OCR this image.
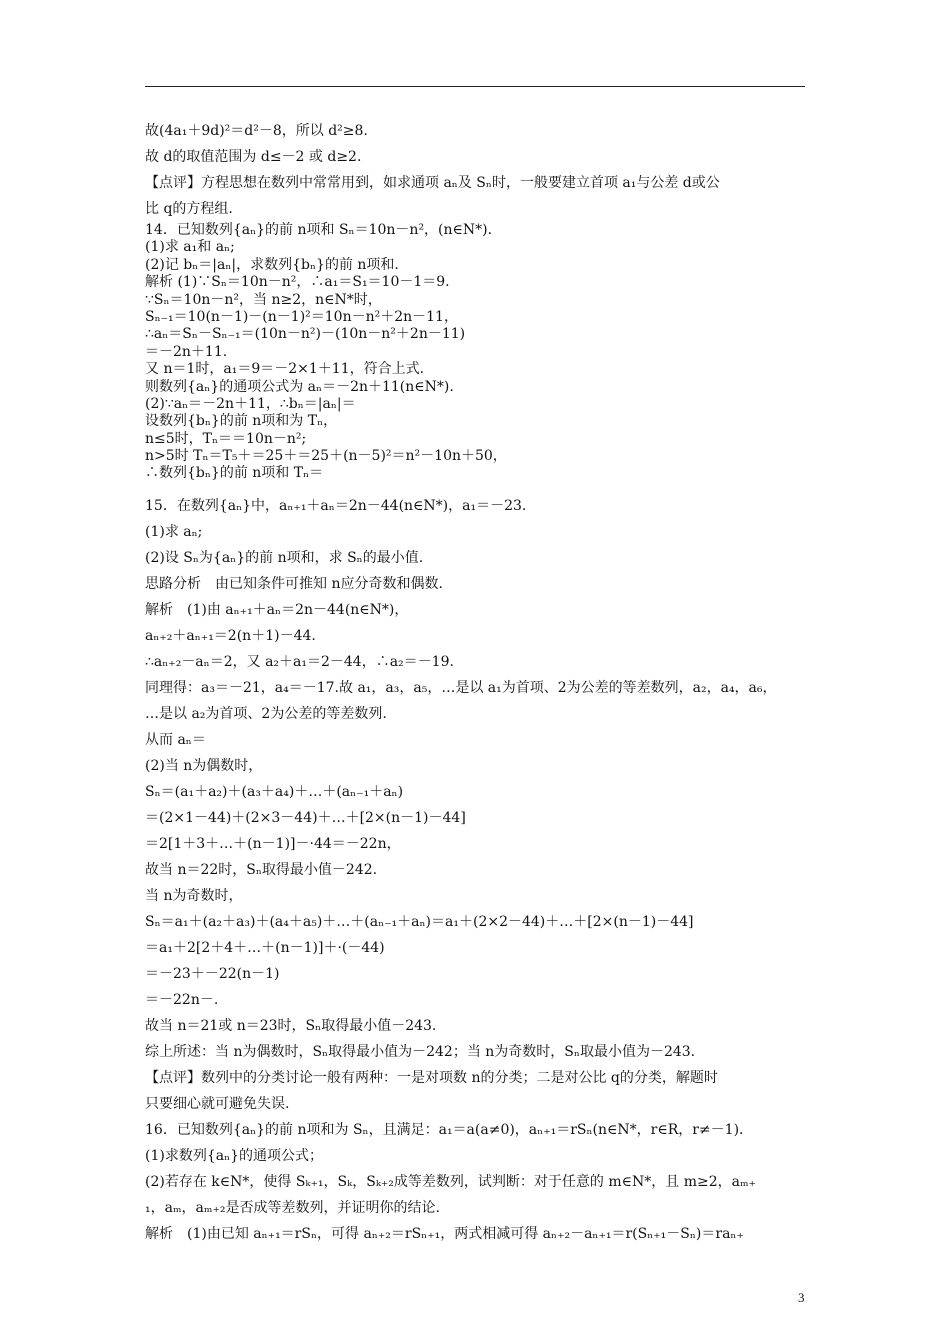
故(4a₁＋9d)²＝d²－8，所以 d²≥8.
故 d的取值范围为 d≤－2 或 d≥2.
【点评】方程思想在数列中常常用到，如求通项 aₙ及 Sₙ时，一般要建立首项 a₁与公差 d或公
比 q的方程组.
14．已知数列{aₙ}的前 n项和 Sₙ＝10n－n²，(n∈N*)．
(1)求 a₁和 aₙ;
(2)记 bₙ＝|aₙ|，求数列{bₙ}的前 n项和.
解析 (1)∵Sₙ＝10n－n²，∴a₁＝S₁＝10－1＝9.
∵Sₙ＝10n－n²，当 n≥2，n∈N*时，
Sₙ₋₁＝10(n－1)－(n－1)²＝10n－n²＋2n－11，
∴aₙ＝Sₙ－Sₙ₋₁＝(10n－n²)－(10n－n²＋2n－11)
＝－2n＋11.
又 n＝1时，a₁＝9＝－2×1＋11，符合上式.
则数列{aₙ}的通项公式为 aₙ＝－2n＋11(n∈N*).
(2)∵aₙ＝－2n＋11，∴bₙ＝|aₙ|＝
设数列{bₙ}的前 n项和为 Tₙ，
n≤5时，Tₙ＝＝10n－n²;
n>5时 Tₙ＝T₅＋＝25＋＝25＋(n－5)²＝n²－10n＋50，
∴数列{bₙ}的前 n项和 Tₙ＝
15．在数列{aₙ}中，aₙ₊₁＋aₙ＝2n－44(n∈N*)，a₁＝－23.
(1)求 aₙ;
(2)设 Sₙ为{aₙ}的前 n项和，求 Sₙ的最小值.
思路分析　由已知条件可推知 n应分奇数和偶数.
解析　(1)由 aₙ₊₁＋aₙ＝2n－44(n∈N*)，
aₙ₊₂＋aₙ₊₁＝2(n＋1)－44.
∴aₙ₊₂－aₙ＝2，又 a₂＋a₁＝2－44，∴a₂＝－19.
同理得：a₃＝－21，a₄＝－17.故 a₁，a₃，a₅，…是以 a₁为首项、2为公差的等差数列，a₂，a₄，a₆，
…是以 a₂为首项、2为公差的等差数列.
从而 aₙ＝
(2)当 n为偶数时，
Sₙ＝(a₁＋a₂)＋(a₃＋a₄)＋…＋(aₙ₋₁＋aₙ)
＝(2×1－44)＋(2×3－44)＋…＋[2×(n－1)－44]
＝2[1＋3＋…＋(n－1)]－·44＝－22n，
故当 n＝22时，Sₙ取得最小值－242.
当 n为奇数时，
Sₙ＝a₁＋(a₂＋a₃)＋(a₄＋a₅)＋…＋(aₙ₋₁＋aₙ)＝a₁＋(2×2－44)＋…＋[2×(n－1)－44]
＝a₁＋2[2＋4＋…＋(n－1)]＋·(－44)
＝－23＋－22(n－1)
＝－22n－.
故当 n＝21或 n＝23时，Sₙ取得最小值－243.
综上所述：当 n为偶数时，Sₙ取得最小值为－242；当 n为奇数时，Sₙ取最小值为－243.
【点评】数列中的分类讨论一般有两种：一是对项数 n的分类；二是对公比 q的分类，解题时
只要细心就可避免失误.
16．已知数列{aₙ}的前 n项和为 Sₙ，且满足：a₁＝a(a≠0)，aₙ₊₁＝rSₙ(n∈N*，r∈R，r≠－1)．
(1)求数列{aₙ}的通项公式；
(2)若存在 k∈N*，使得 Sₖ₊₁，Sₖ，Sₖ₊₂成等差数列，试判断：对于任意的 m∈N*，且 m≥2，aₘ₊
₁，aₘ，aₘ₊₂是否成等差数列，并证明你的结论.
解析　(1)由已知 aₙ₊₁＝rSₙ，可得 aₙ₊₂＝rSₙ₊₁，两式相减可得 aₙ₊₂－aₙ₊₁＝r(Sₙ₊₁－Sₙ)＝raₙ₊
3
